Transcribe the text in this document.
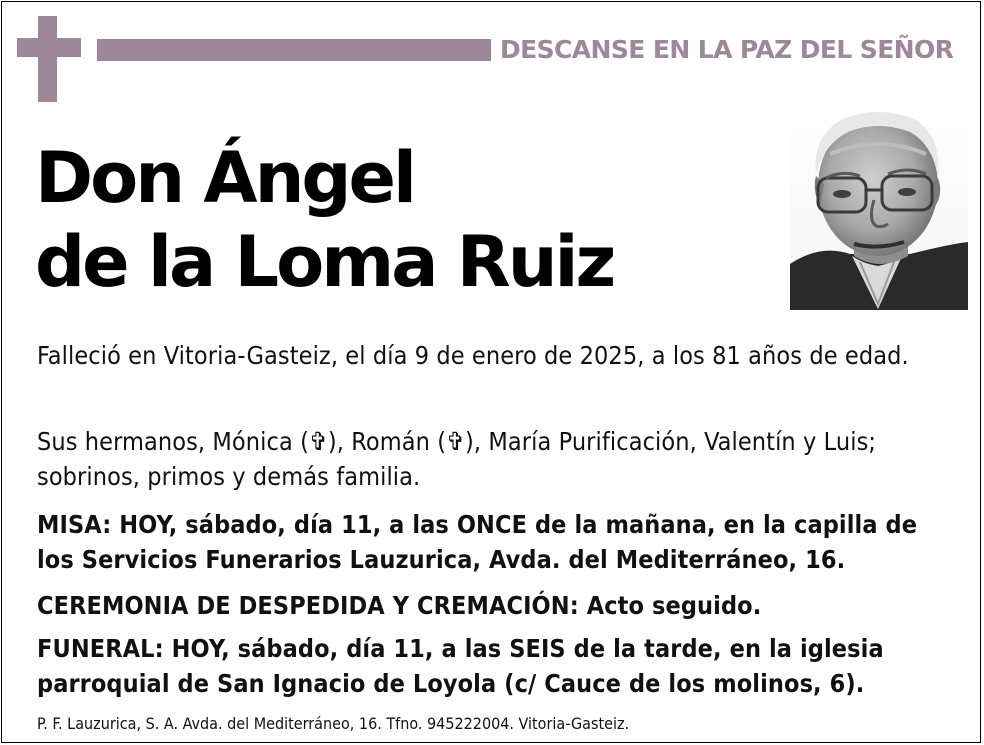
DESCANSE EN LA PAZ DEL SEÑOR
Don Ángel
de la Loma Ruiz
Falleció en Vitoria-Gasteiz, el día 9 de enero de 2025, a los 81 años de edad.
Sus hermanos, Mónica (✞), Román (✞), María Purificación, Valentín y Luis; sobrinos, primos y demás familia.
MISA: HOY, sábado, día 11, a las ONCE de la mañana, en la capilla de los Servicios Funerarios Lauzurica, Avda. del Mediterráneo, 16.
CEREMONIA DE DESPEDIDA Y CREMACIÓN: Acto seguido.
FUNERAL: HOY, sábado, día 11, a las SEIS de la tarde, en la iglesia parroquial de San Ignacio de Loyola (c/ Cauce de los molinos, 6).
P. F. Lauzurica, S. A. Avda. del Mediterráneo, 16. Tfno. 945222004. Vitoria-Gasteiz.
